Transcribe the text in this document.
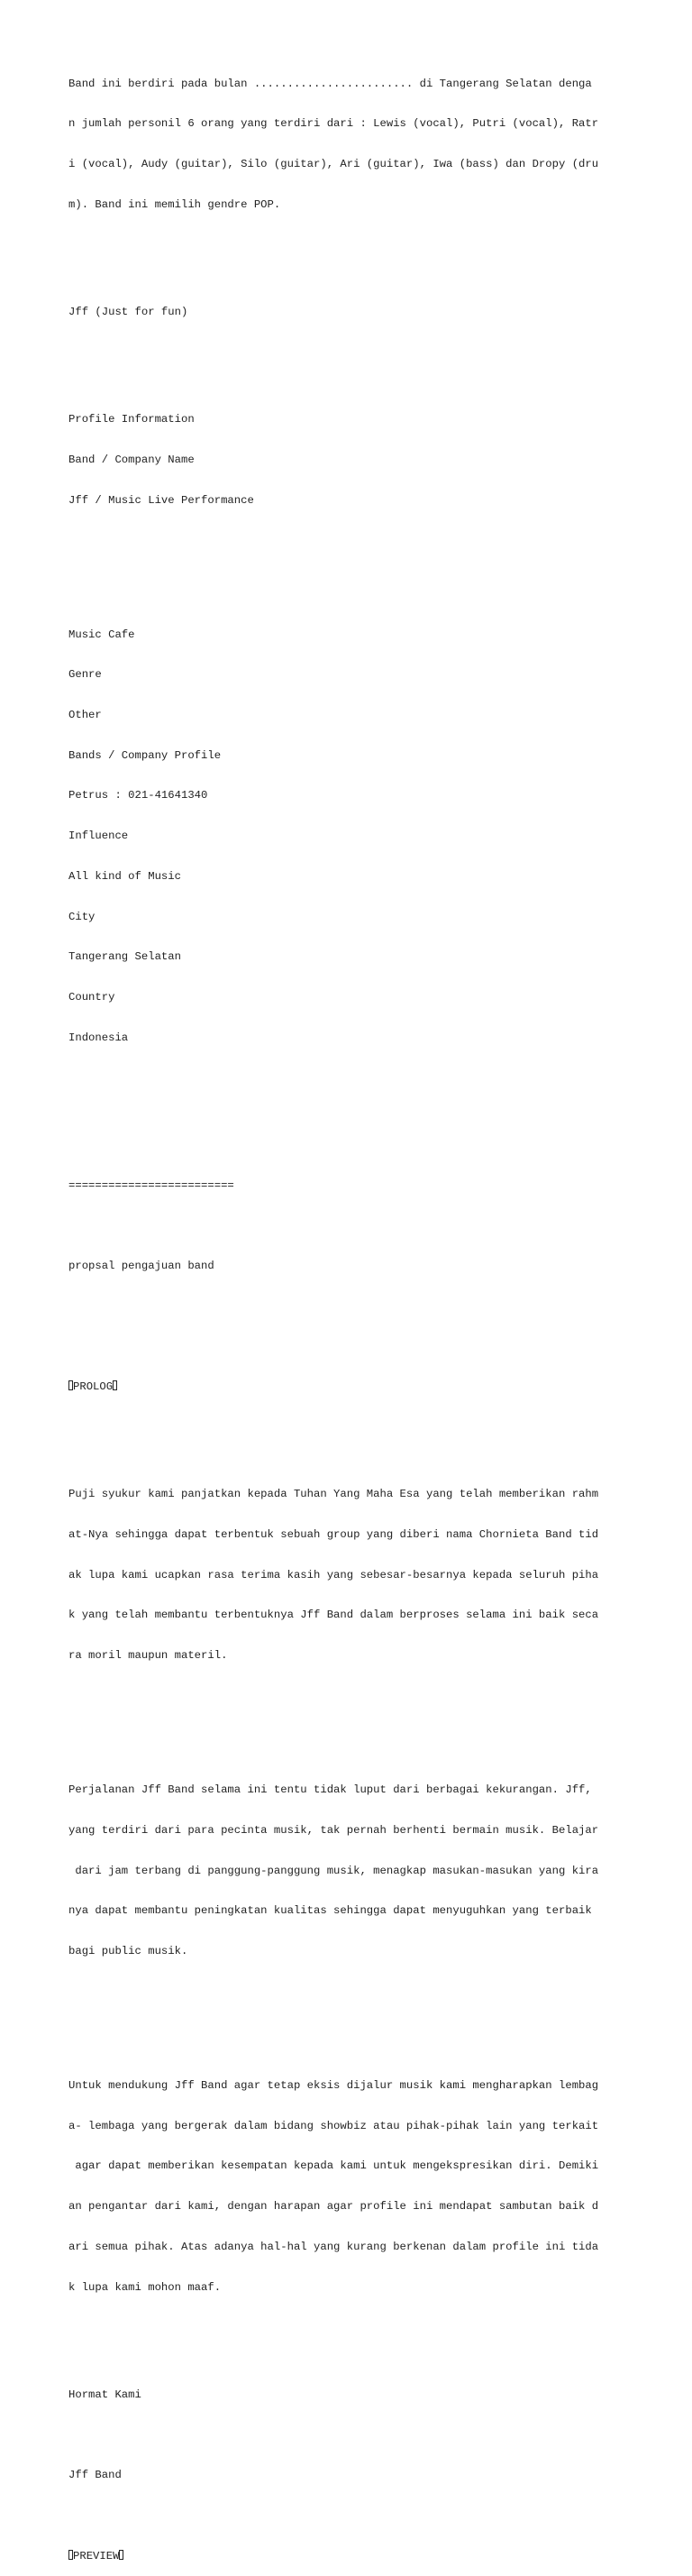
Band ini berdiri pada bulan ........................ di Tangerang Selatan denga

n jumlah personil 6 orang yang terdiri dari : Lewis (vocal), Putri (vocal), Ratr

i (vocal), Audy (guitar), Silo (guitar), Ari (guitar), Iwa (bass) dan Dropy (dru

m). Band ini memilih gendre POP.

Jff (Just for fun)

Profile Information

Band / Company Name

Jff / Music Live Performance

Music Cafe

Genre

Other

Bands / Company Profile

Petrus : 021-41641340

Influence

All kind of Music

City

Tangerang Selatan

Country

Indonesia

=========================

propsal pengajuan band

PROLOG

Puji syukur kami panjatkan kepada Tuhan Yang Maha Esa yang telah memberikan rahm

at-Nya sehingga dapat terbentuk sebuah group yang diberi nama Chornieta Band tid

ak lupa kami ucapkan rasa terima kasih yang sebesar-besarnya kepada seluruh piha

k yang telah membantu terbentuknya Jff Band dalam berproses selama ini baik seca

ra moril maupun materil.

Perjalanan Jff Band selama ini tentu tidak luput dari berbagai kekurangan. Jff,

yang terdiri dari para pecinta musik, tak pernah berhenti bermain musik. Belajar

dari jam terbang di panggung-panggung musik, menagkap masukan-masukan yang kira

nya dapat membantu peningkatan kualitas sehingga dapat menyuguhkan yang terbaik

bagi public musik.

Untuk mendukung Jff Band agar tetap eksis dijalur musik kami mengharapkan lembag

a- lembaga yang bergerak dalam bidang showbiz atau pihak-pihak lain yang terkait

agar dapat memberikan kesempatan kepada kami untuk mengekspresikan diri. Demiki

an pengantar dari kami, dengan harapan agar profile ini mendapat sambutan baik d

ari semua pihak. Atas adanya hal-hal yang kurang berkenan dalam profile ini tida

k lupa kami mohon maaf.

Hormat Kami

Jff Band

PREVIEW
